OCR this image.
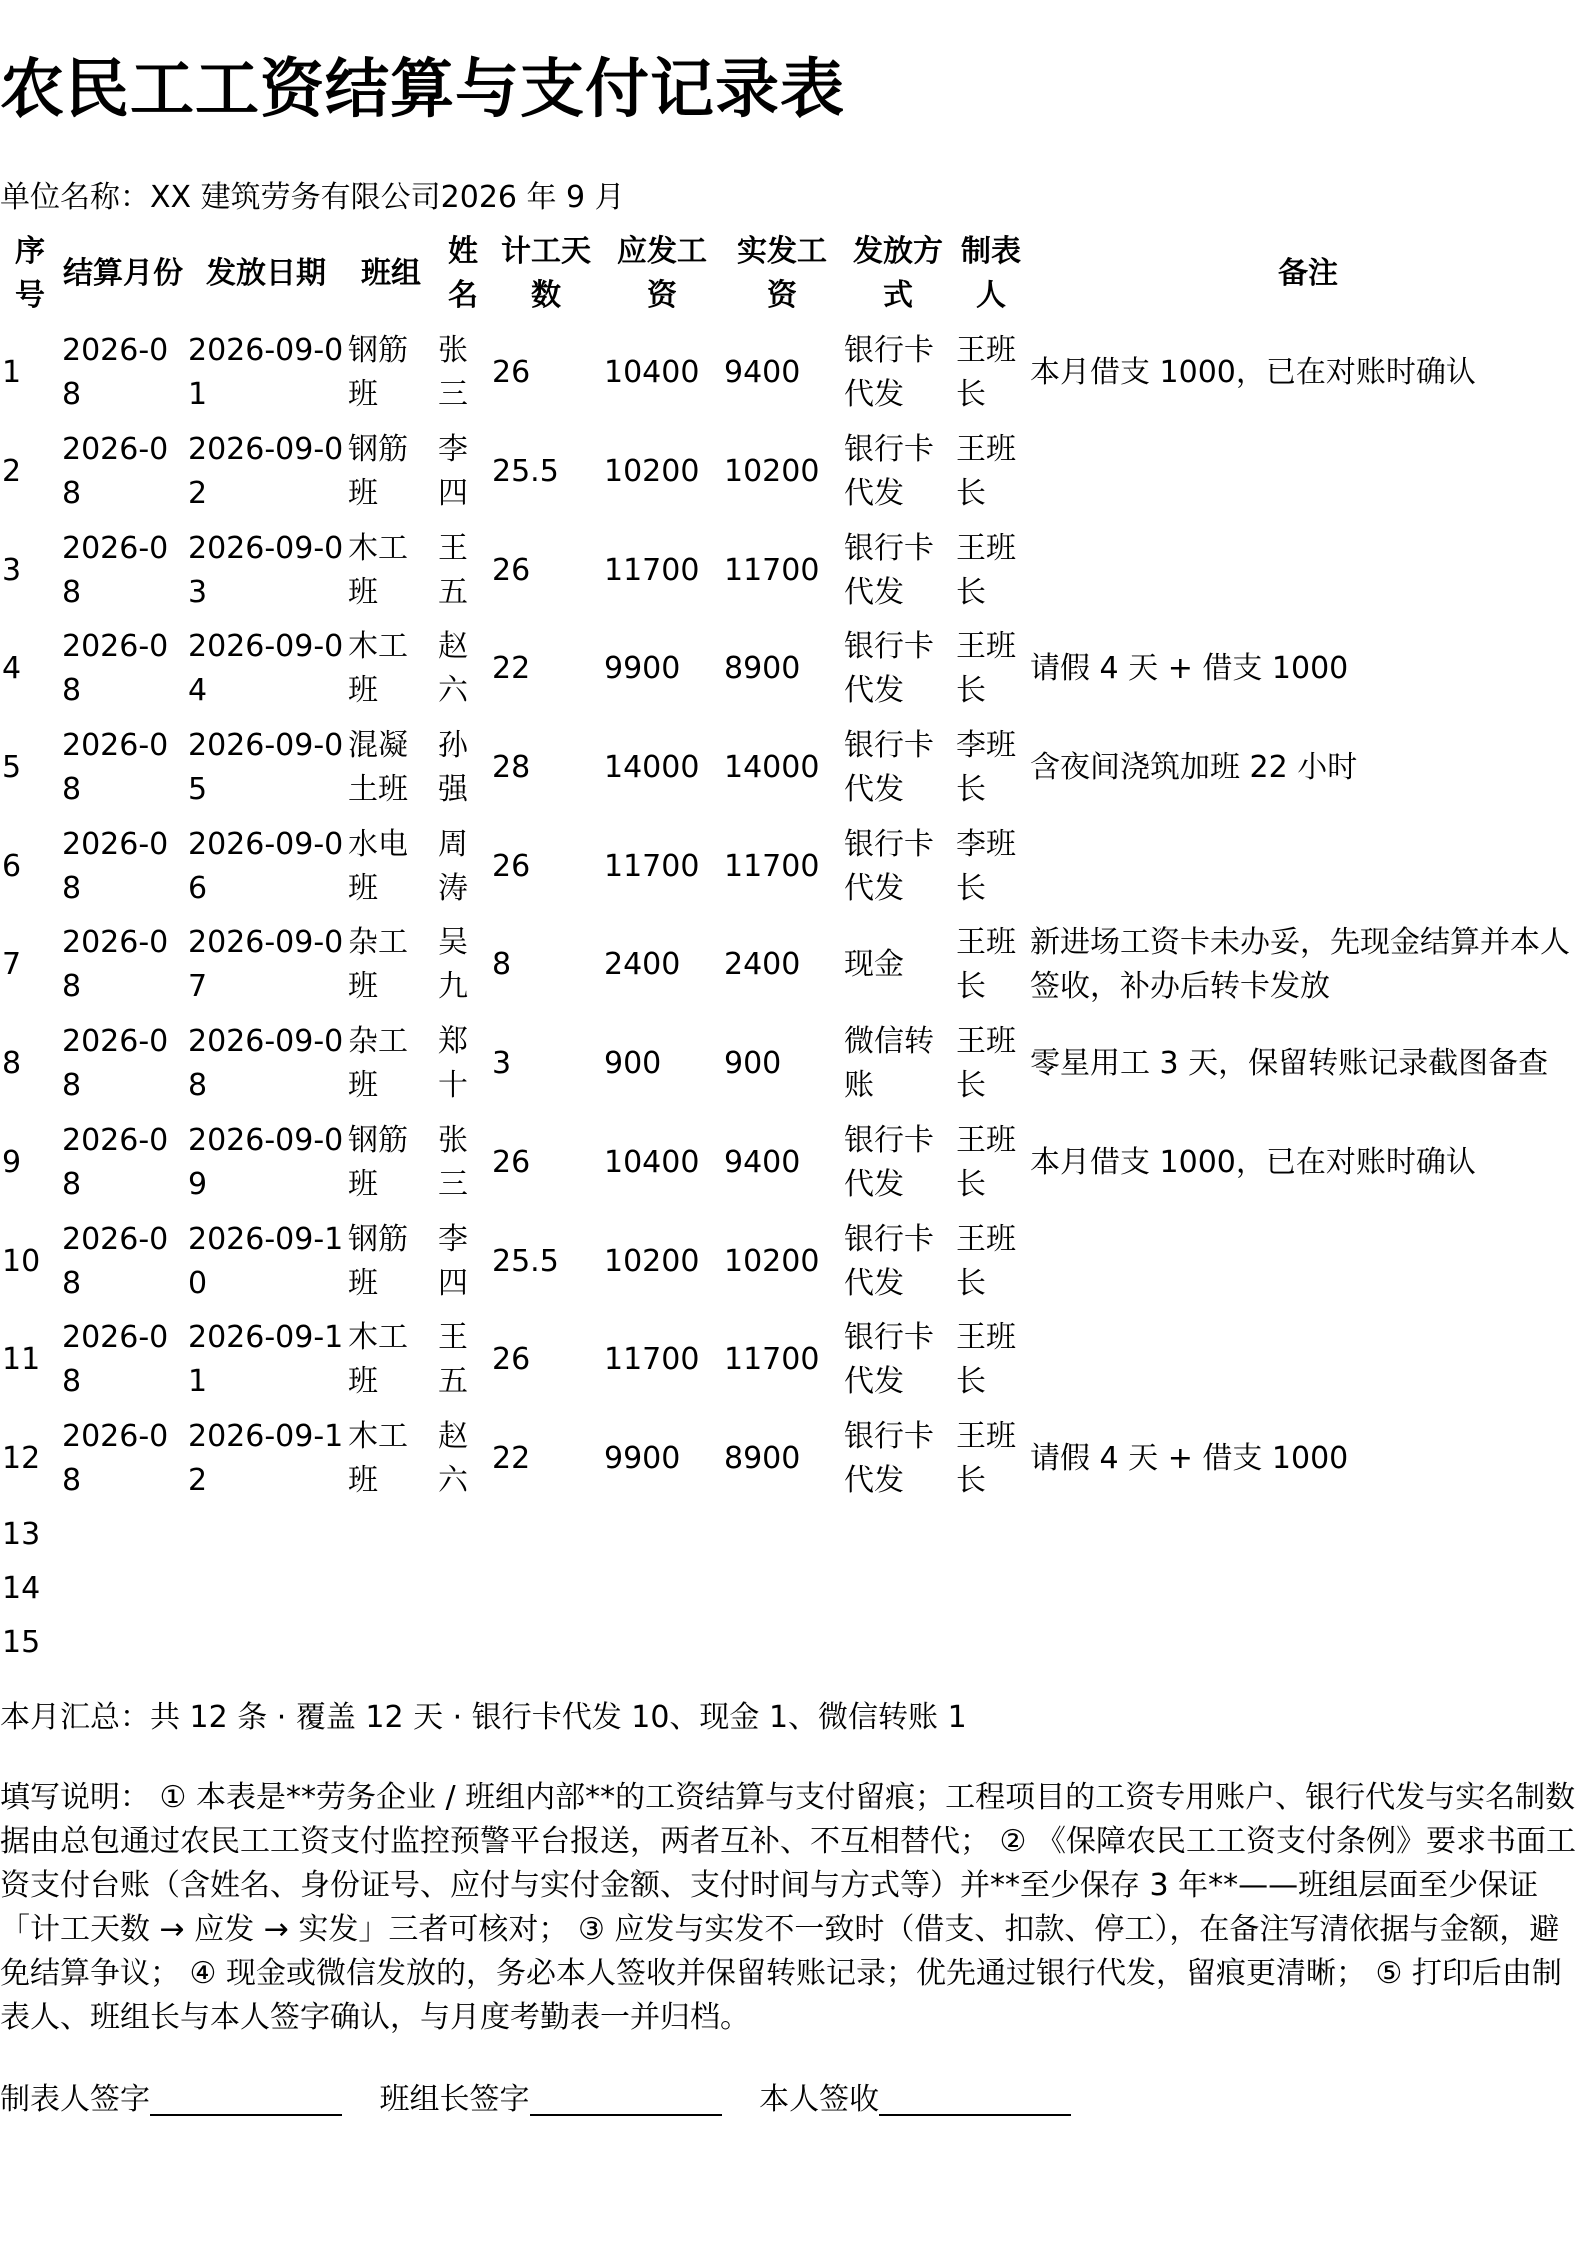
农民工工资结算与支付记录表
单位名称：XX 建筑劳务有限公司2026 年 9 月
序号	结算月份	发放日期	班组	姓名	计工天数	应发工资	实发工资	发放方式	制表人	备注
1	2026-08	2026-09-01	钢筋班	张三	26	10400	9400	银行卡代发	王班长	本月借支 1000，已在对账时确认
2	2026-08	2026-09-02	钢筋班	李四	25.5	10200	10200	银行卡代发	王班长	
3	2026-08	2026-09-03	木工班	王五	26	11700	11700	银行卡代发	王班长	
4	2026-08	2026-09-04	木工班	赵六	22	9900	8900	银行卡代发	王班长	请假 4 天 + 借支 1000
5	2026-08	2026-09-05	混凝土班	孙强	28	14000	14000	银行卡代发	李班长	含夜间浇筑加班 22 小时
6	2026-08	2026-09-06	水电班	周涛	26	11700	11700	银行卡代发	李班长	
7	2026-08	2026-09-07	杂工班	吴九	8	2400	2400	现金	王班长	新进场工资卡未办妥，先现金结算并本人签收，补办后转卡发放
8	2026-08	2026-09-08	杂工班	郑十	3	900	900	微信转账	王班长	零星用工 3 天，保留转账记录截图备查
9	2026-08	2026-09-09	钢筋班	张三	26	10400	9400	银行卡代发	王班长	本月借支 1000，已在对账时确认
10	2026-08	2026-09-10	钢筋班	李四	25.5	10200	10200	银行卡代发	王班长	
11	2026-08	2026-09-11	木工班	王五	26	11700	11700	银行卡代发	王班长	
12	2026-08	2026-09-12	木工班	赵六	22	9900	8900	银行卡代发	王班长	请假 4 天 + 借支 1000
13										
14										
15										
本月汇总：共 12 条 · 覆盖 12 天 · 银行卡代发 10、现金 1、微信转账 1
填写说明： ① 本表是**劳务企业 / 班组内部**的工资结算与支付留痕；工程项目的工资专用账户、银行代发与实名制数据由总包通过农民工工资支付监控预警平台报送，两者互补、不互相替代； ② 《保障农民工工资支付条例》要求书面工资支付台账（含姓名、身份证号、应付与实付金额、支付时间与方式等）并**至少保存 3 年**——班组层面至少保证「计工天数 → 应发 → 实发」三者可核对； ③ 应发与实发不一致时（借支、扣款、停工），在备注写清依据与金额，避免结算争议； ④ 现金或微信发放的，务必本人签收并保留转账记录；优先通过银行代发，留痕更清晰； ⑤ 打印后由制表人、班组长与本人签字确认，与月度考勤表一并归档。
制表人签字	班组长签字	本人签收
